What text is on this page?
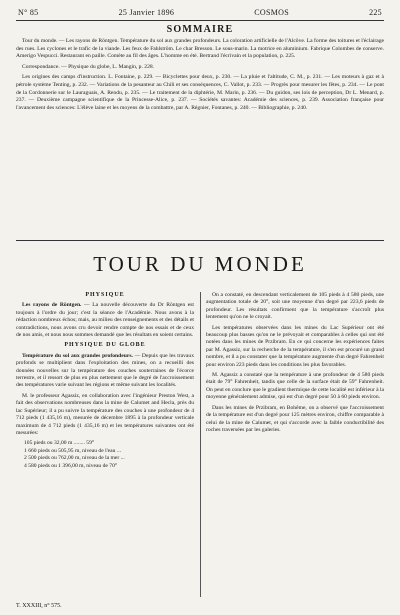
N° 85	25 Janvier 1896	COSMOS	225
SOMMAIRE

Tour du monde. — Les rayons de Röntgen. Température du sol aux grandes profondeurs. La coloration artificielle de l'Alcôve. La forme des toitures et l'éclairage des rues. Les cyclones et le trafic de la viande. Les feux de Fahlström. Le char Bresson. Le sous-marin. La motrice en aluminium. Fabrique Colombes de conserve. Amerigo Vespucci. Restaurant en paille. Comète au fil des âges. L'homme en été. Bertrand l'écrivain et la population, p. 225.

Correspondance. — Physique du globe, L. Mangin, p. 228.

Les origines des camps d'instruction. L. Fontaine, p. 229. — Bicyclettes pour deux, p. 230. — La pluie et l'altitude, C. M., p. 231. — Les moteurs à gaz et à pétrole système Tenting, p. 232. — Variations de la pesanteur au Chili et ses conséquences, C. Vallot, p. 233. — Progrès pour mesurer les fêtes, p. 234. — Le pont de la Cordonnerie sur le Lauraguais, A. Rendu, p. 235. — Le traitement de la diphtérie, M. Marin, p. 236. — Du guidon, ses lois de perception, Dr L. Menard, p. 237. — Deuxième campagne scientifique de la Princesse-Alice, p. 237. — Sociétés savantes: Académie des sciences, p. 239. Association française pour l'avancement des sciences: L'élève laine et les moyens de la combattre, par A. Régnier, Fontanes, p. 240. — Bibliographie, p. 240.

TOUR DU MONDE
PHYSIQUE

Les rayons de Röntgen. — La nouvelle découverte du Dr Röntgen est toujours à l'ordre du jour; c'est la séance de l'Académie. Nous avons à la rédaction nombreux échos; mais, au milieu des renseignements et des détails et contradictions, nous avons cru devoir rendre compte de nos essais et de ceux de nos amis, et nous nous sommes demandé que les résultats en soient certains.

PHYSIQUE DU GLOBE

Température du sol aux grandes profondeurs. — Depuis que les travaux profonds se multiplient dans l'exploitation des mines, on a recueilli des données nouvelles sur la température des couches souterraines de l'écorce terrestre, et il ressort de plus en plus nettement que le degré de l'accroissement des températures varie suivant les régions et même suivant les localités.

M. le professeur Agassiz, en collaboration avec l'ingénieur Preston West, a fait des observations nombreuses dans la mine de Calumet and Hecla, près du lac Supérieur; il a pu suivre la température des couches à une profondeur de 4 712 pieds (1 435,16 m), mesurée de décembre 1895 à la profondeur verticale maximum de 4 712 pieds (1 435,16 m) et les températures suivantes ont été mesurées:

105 pieds ou 32,00 m ........ 59°

1 660 pieds ou 505,95 m, niveau de l'eau ...

2 500 pieds ou 762,00 m, niveau de la mer ...

4 580 pieds ou 1 396,00 m, niveau de 70°

On a constaté, en descendant verticalement de 105 pieds à 4 580 pieds, une augmentation totale de 20°, soit une moyenne d'un degré par 223,6 pieds de profondeur. Les résultats confirment que la température s'accroît plus lentement qu'on ne le croyait.

Les températures observées dans les mines du Lac Supérieur ont été beaucoup plus basses qu'on ne le prévoyait et comparables à celles qui ont été notées dans les mines de Przibram. En ce qui concerne les expériences faites par M. Agassiz, sur la recherche de la température, il s'en est procuré un grand nombre, et il a pu constater que la température augmente d'un degré Fahrenheit pour environ 223 pieds dans les conditions les plus favorables.

M. Agassiz a constaté que la température à une profondeur de 4 580 pieds était de 79° Fahrenheit, tandis que celle de la surface était de 59° Fahrenheit. On peut en conclure que le gradient thermique de cette localité est inférieur à la moyenne généralement admise, qui est d'un degré pour 50 à 60 pieds environ.

Dans les mines de Przibram, en Bohême, on a observé que l'accroissement de la température est d'un degré pour 125 mètres environ, chiffre comparable à celui de la mine de Calumet, et qui s'accorde avec la faible conductibilité des roches traversées par les galeries.

T. XXXIII, n° 575.
